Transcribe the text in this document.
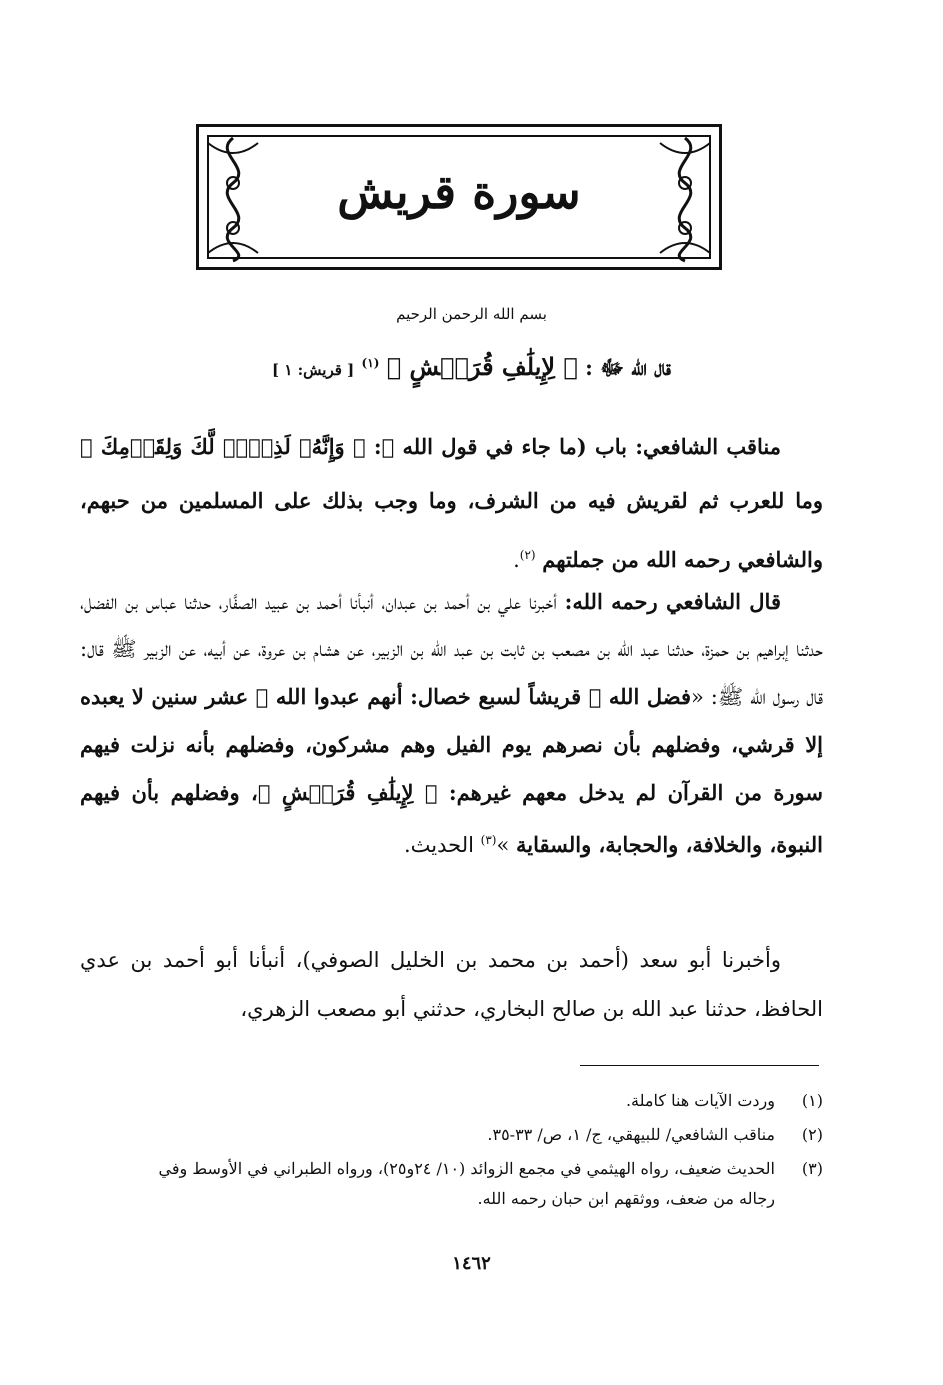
سورة قريش
بسم الله الرحمن الرحيم
قال الله ﷻ : ﴿ لِإِيلَٰفِ قُرَيۡشٍ ﴾ $^{(١)}$ [ قريش: ١ ]
مناقب الشافعي: باب (ما جاء في قول الله ﷻ: ﴿ وَإِنَّهُۥ لَذِكۡرٞ لَّكَ وَلِقَوۡمِكَ ﴾ وما للعرب ثم لقريش فيه من الشرف، وما وجب بذلك على المسلمين من حبهم، والشافعي رحمه الله من جملتهم $^{(٢)}$.
قال الشافعي رحمه الله: أخبرنا علي بن أحمد بن عبدان، أنبأنا أحمد بن عبيد الصفَّار، حدثنا عباس بن الفضل، حدثنا إبراهيم بن حمزة، حدثنا عبد الله بن مصعب بن ثابت بن عبد الله بن الزبير، عن هشام بن عروة، عن أبيه، عن الزبير ﷺ قال: قال رسول الله ﷺ: «فضل الله ﷻ قريشاً لسبع خصال: أنهم عبدوا الله ﷻ عشر سنين لا يعبده إلا قرشي، وفضلهم بأن نصرهم يوم الفيل وهم مشركون، وفضلهم بأنه نزلت فيهم سورة من القرآن لم يدخل معهم غيرهم: ﴿ لِإِيلَٰفِ قُرَيۡشٍ ﴾، وفضلهم بأن فيهم النبوة، والخلافة، والحجابة، والسقاية »$^{(٣)}$ الحديث.
وأخبرنا أبو سعد (أحمد بن محمد بن الخليل الصوفي)، أنبأنا أبو أحمد بن عدي الحافظ، حدثنا عبد الله بن صالح البخاري، حدثني أبو مصعب الزهري،
(١)
وردت الآيات هنا كاملة.
(٢)
مناقب الشافعي/ للبيهقي، ج/ ١، ص/ ٣٣-٣٥.
(٣)
الحديث ضعيف، رواه الهيثمي في مجمع الزوائد (١٠/ ٢٤و٢٥)، ورواه الطبراني في الأوسط وفي رجاله من ضعف، ووثقهم ابن حبان رحمه الله.
١٤٦٢
